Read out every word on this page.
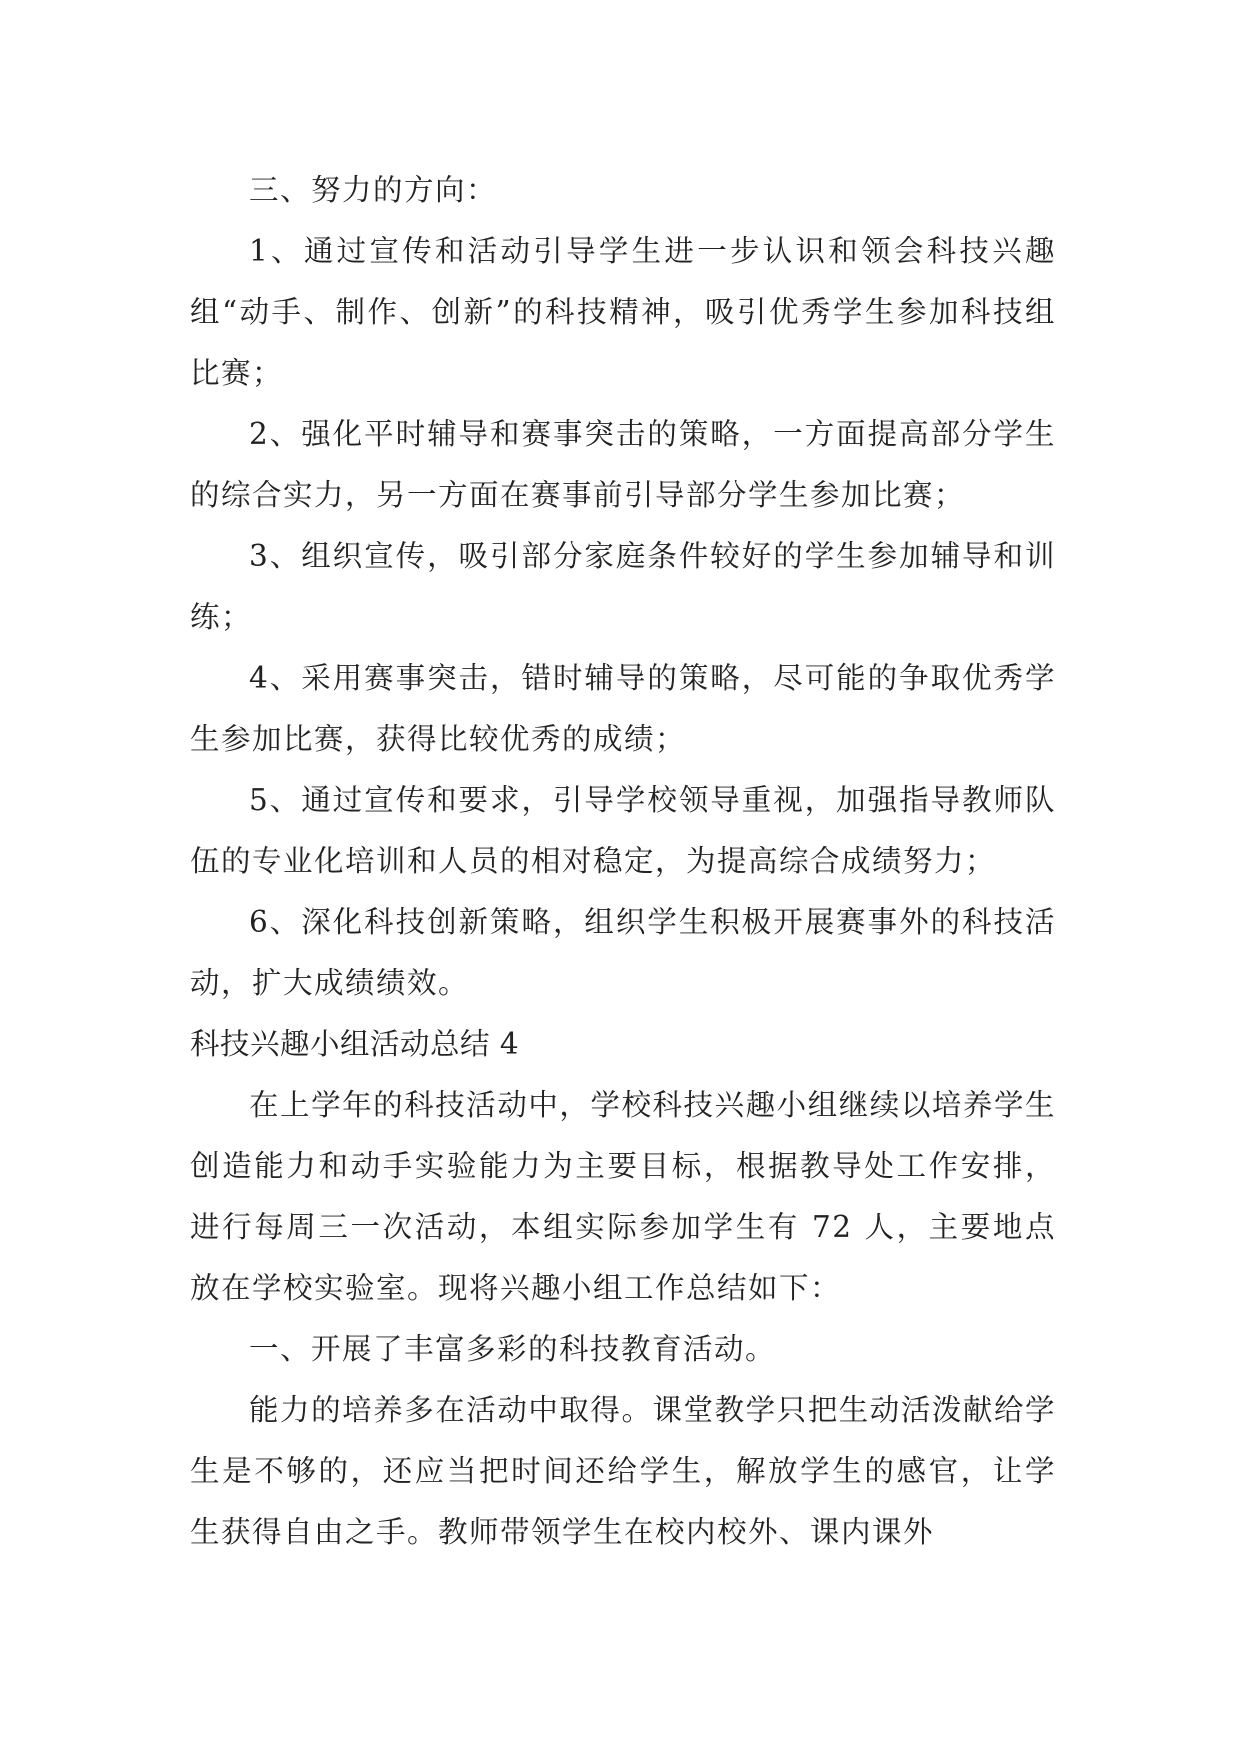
三、努力的方向：

1、通过宣传和活动引导学生进一步认识和领会科技兴趣组“动手、制作、创新”的科技精神，吸引优秀学生参加科技组比赛；

2、强化平时辅导和赛事突击的策略，一方面提高部分学生的综合实力，另一方面在赛事前引导部分学生参加比赛；

3、组织宣传，吸引部分家庭条件较好的学生参加辅导和训练；

4、采用赛事突击，错时辅导的策略，尽可能的争取优秀学生参加比赛，获得比较优秀的成绩；

5、通过宣传和要求，引导学校领导重视，加强指导教师队伍的专业化培训和人员的相对稳定，为提高综合成绩努力；

6、深化科技创新策略，组织学生积极开展赛事外的科技活动，扩大成绩绩效。

科技兴趣小组活动总结 4

在上学年的科技活动中，学校科技兴趣小组继续以培养学生创造能力和动手实验能力为主要目标，根据教导处工作安排，进行每周三一次活动，本组实际参加学生有 72 人，主要地点放在学校实验室。现将兴趣小组工作总结如下：

一、开展了丰富多彩的科技教育活动。

能力的培养多在活动中取得。课堂教学只把生动活泼献给学生是不够的，还应当把时间还给学生，解放学生的感官，让学生获得自由之手。教师带领学生在校内校外、课内课外
